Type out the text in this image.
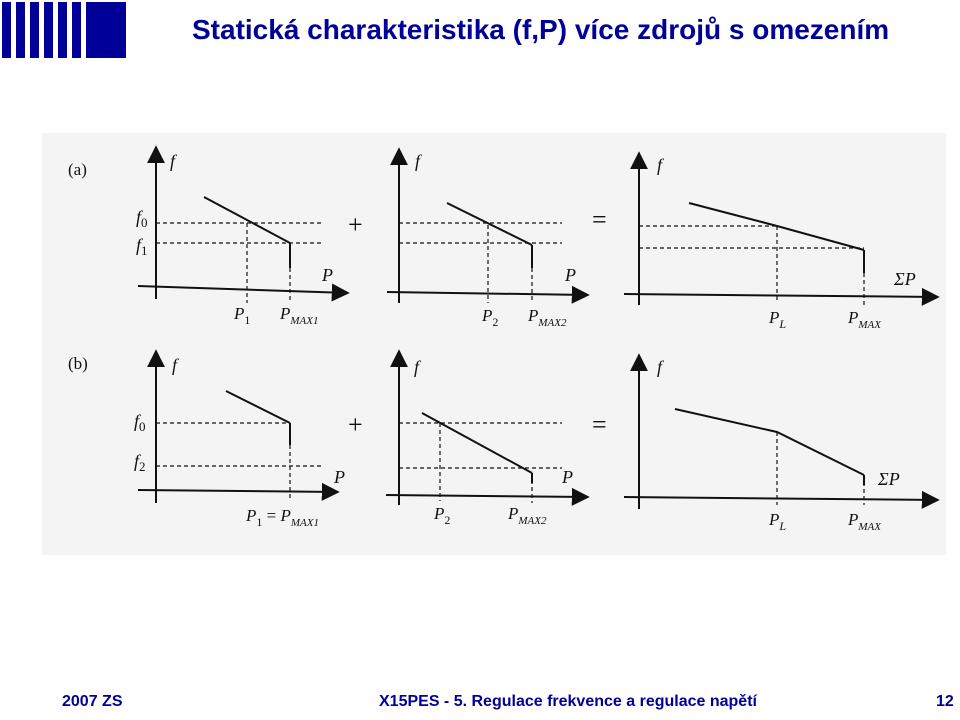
Statická charakteristika (f,P) více zdrojů s omezením
(a)
(b)
f
P
$f_0$
$f_1$
$P_1$ $P_{MAX1}$
+
f
P
$P_2$ $P_{MAX2}$
=
f
ΣP
$P_L$	$P_{MAX}$
f
P
$f_0$
$f_2$
$P_1 = P_{MAX1}$
+
f
P
$P_2$	$P_{MAX2}$
=
f
ΣP
$P_L$	$P_{MAX}$
2007 ZS	X15PES - 5. Regulace frekvence a regulace napětí	12
